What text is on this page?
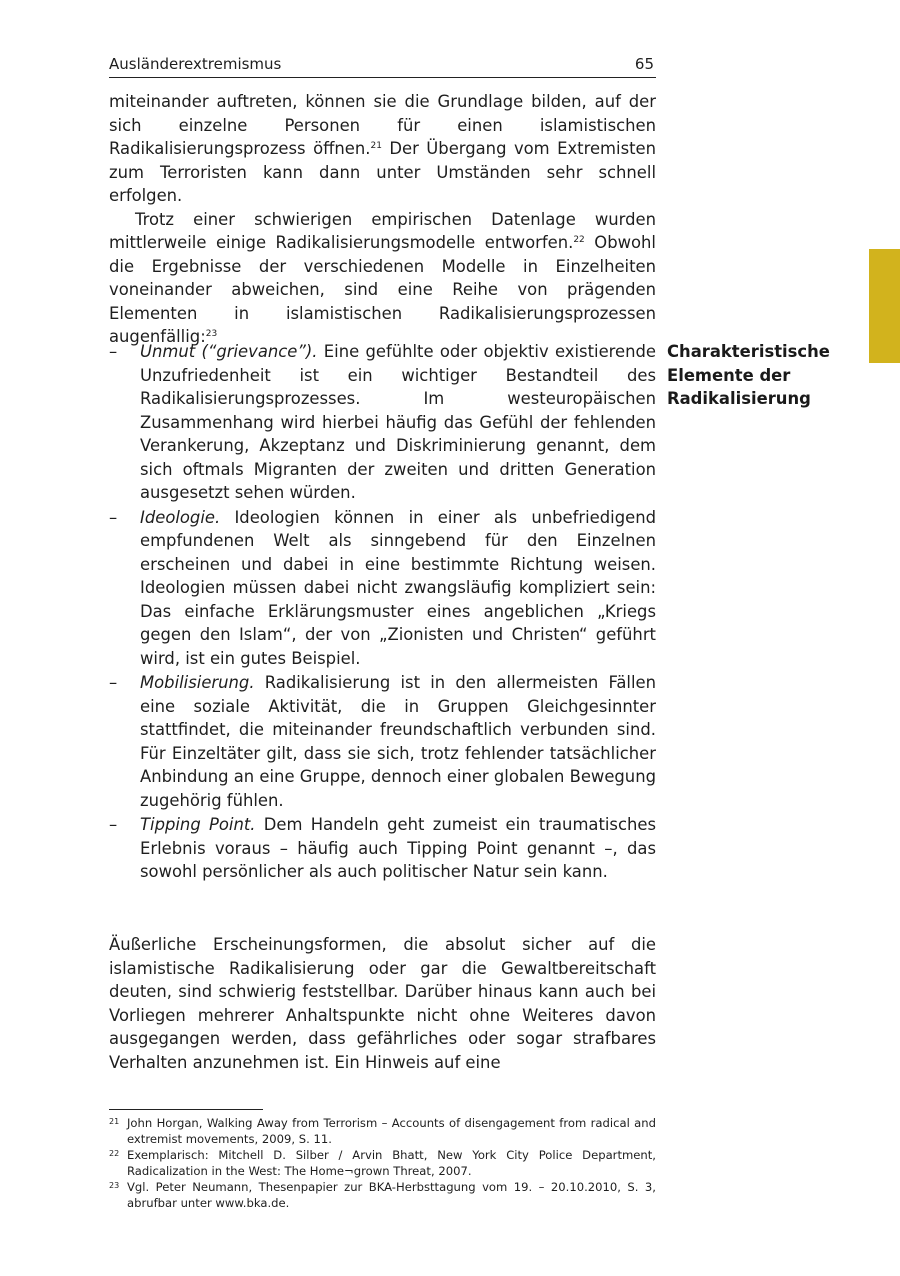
Ausländerextremismus	65

miteinander auftreten, können sie die Grundlage bilden, auf der sich einzelne Personen für einen islamistischen Radikalisierungsprozess öffnen.$^{21}$ Der Übergang vom Extremisten zum Terroristen kann dann unter Umständen sehr schnell erfolgen.

Trotz einer schwierigen empirischen Datenlage wurden mittlerweile einige Radikalisierungsmodelle entworfen.$^{22}$ Obwohl die Ergebnisse der verschiedenen Modelle in Einzelheiten voneinander abweichen, sind eine Reihe von prägenden Elementen in islamistischen Radikalisierungsprozessen augenfällig:$^{23}$

Charakteristische
Elemente der
Radikalisierung
– Unmut (“grievance”). Eine gefühlte oder objektiv existierende Unzufriedenheit ist ein wichtiger Bestandteil des Radikalisierungsprozesses. Im westeuropäischen Zusammenhang wird hierbei häufig das Gefühl der fehlenden Verankerung, Akzeptanz und Diskriminierung genannt, dem sich oftmals Migranten der zweiten und dritten Generation ausgesetzt sehen würden.
– Ideologie. Ideologien können in einer als unbefriedigend empfundenen Welt als sinngebend für den Einzelnen erscheinen und dabei in eine bestimmte Richtung weisen. Ideologien müssen dabei nicht zwangsläufig kompliziert sein: Das einfache Erklärungsmuster eines angeblichen „Kriegs gegen den Islam“, der von „Zionisten und Christen“ geführt wird, ist ein gutes Beispiel.
– Mobilisierung. Radikalisierung ist in den allermeisten Fällen eine soziale Aktivität, die in Gruppen Gleichgesinnter stattfindet, die miteinander freundschaftlich verbunden sind. Für Einzeltäter gilt, dass sie sich, trotz fehlender tatsächlicher Anbindung an eine Gruppe, dennoch einer globalen Bewegung zugehörig fühlen.
– Tipping Point. Dem Handeln geht zumeist ein traumatisches Erlebnis voraus – häufig auch Tipping Point genannt –, das sowohl persönlicher als auch politischer Natur sein kann.

Äußerliche Erscheinungsformen, die absolut sicher auf die islamistische Radikalisierung oder gar die Gewaltbereitschaft deuten, sind schwierig feststellbar. Darüber hinaus kann auch bei Vorliegen mehrerer Anhaltspunkte nicht ohne Weiteres davon ausgegangen werden, dass gefährliches oder sogar strafbares Verhalten anzunehmen ist. Ein Hinweis auf eine

21 John Horgan, Walking Away from Terrorism – Accounts of disengagement from radical and extremist movements, 2009, S. 11.
22 Exemplarisch: Mitchell D. Silber / Arvin Bhatt, New York City Police Department, Radicalization in the West: The Home¬grown Threat, 2007.
23 Vgl. Peter Neumann, Thesenpapier zur BKA-Herbsttagung vom 19. – 20.10.2010, S. 3, abrufbar unter www.bka.de.
